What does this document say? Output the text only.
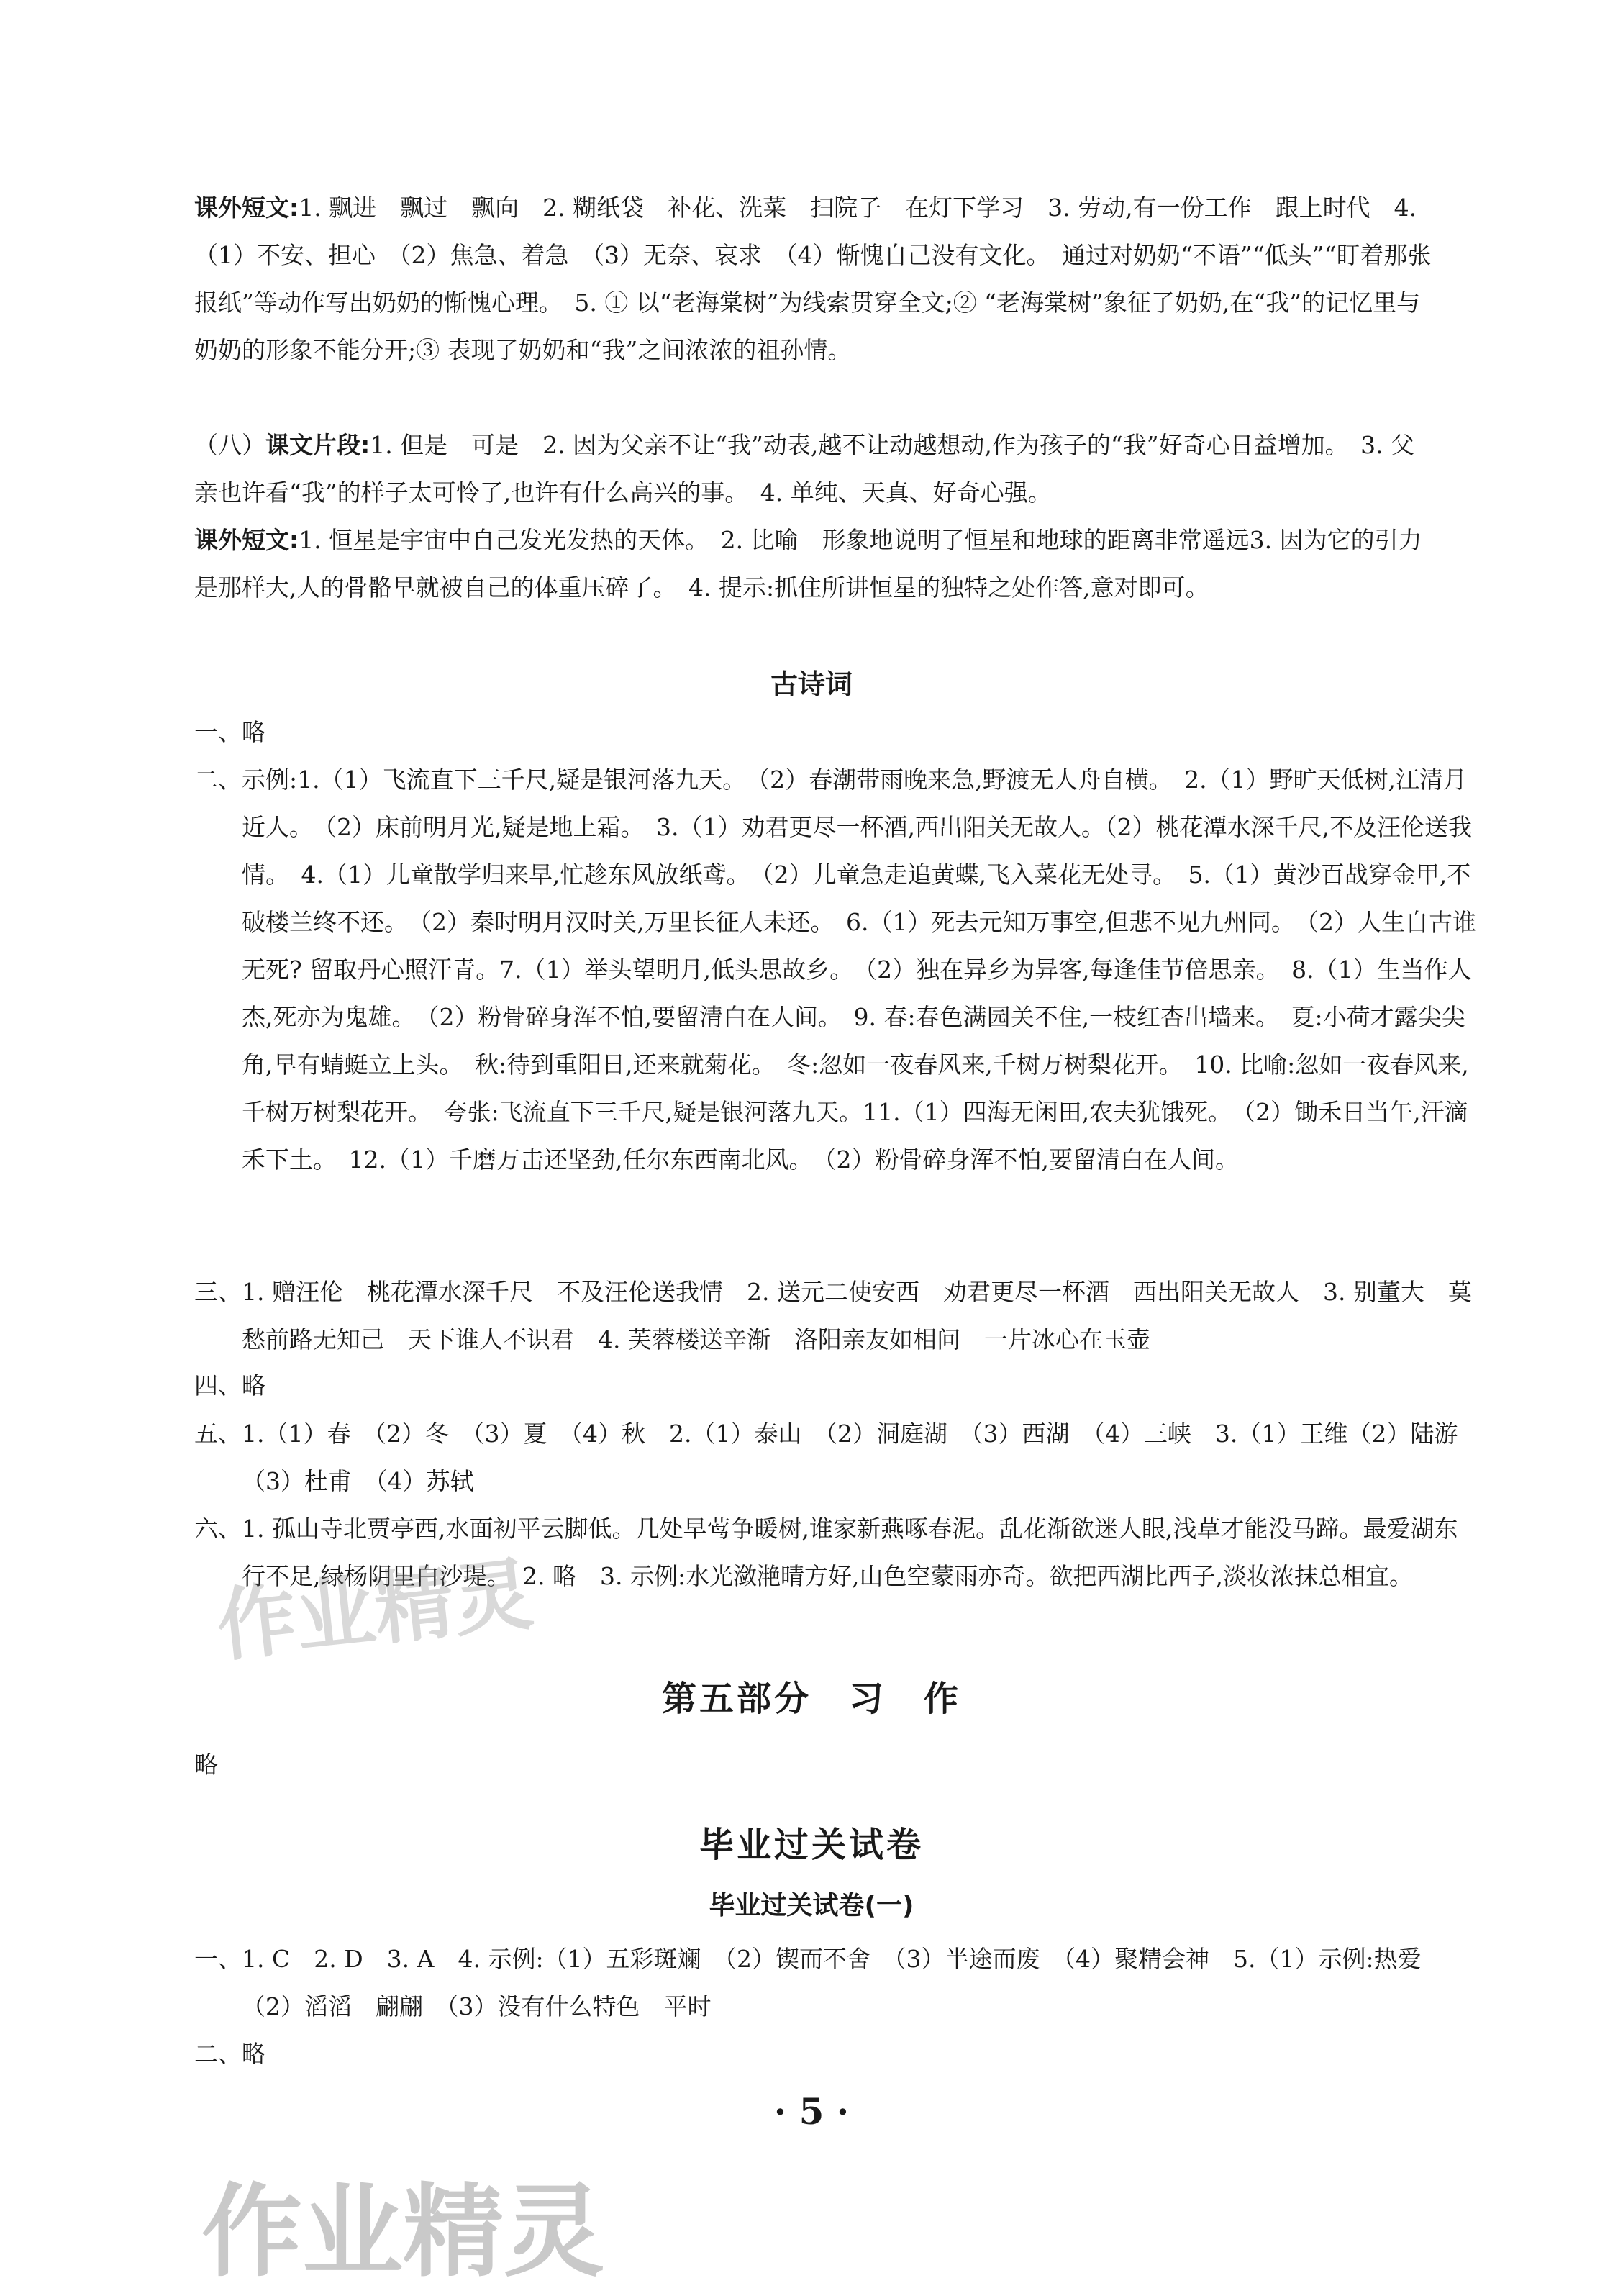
课外短文:1. 飘进　飘过　飘向　2. 糊纸袋　补花、洗菜　扫院子　在灯下学习　3. 劳动,有一份工作　跟上时代　4.（1）不安、担心　（2）焦急、着急　（3）无奈、哀求　（4）惭愧自己没有文化。　通过对奶奶“不语”“低头”“盯着那张报纸”等动作写出奶奶的惭愧心理。　5. ① 以“老海棠树”为线索贯穿全文;② “老海棠树”象征了奶奶,在“我”的记忆里与奶奶的形象不能分开;③ 表现了奶奶和“我”之间浓浓的祖孙情。
（八）课文片段:1. 但是　可是　2. 因为父亲不让“我”动表,越不让动越想动,作为孩子的“我”好奇心日益增加。　3. 父亲也许看“我”的样子太可怜了,也许有什么高兴的事。　4. 单纯、天真、好奇心强。
课外短文:1. 恒星是宇宙中自己发光发热的天体。　2. 比喻　形象地说明了恒星和地球的距离非常遥远3. 因为它的引力是那样大,人的骨骼早就被自己的体重压碎了。　4. 提示:抓住所讲恒星的独特之处作答,意对即可。
古诗词
一、略
二、示例:1.（1）飞流直下三千尺,疑是银河落九天。　（2）春潮带雨晚来急,野渡无人舟自横。　2.（1）野旷天低树,江清月近人。　（2）床前明月光,疑是地上霜。　3.（1）劝君更尽一杯酒,西出阳关无故人。（2）桃花潭水深千尺,不及汪伦送我情。　4.（1）儿童散学归来早,忙趁东风放纸鸢。　（2）儿童急走追黄蝶,飞入菜花无处寻。　5.（1）黄沙百战穿金甲,不破楼兰终不还。　（2）秦时明月汉时关,万里长征人未还。　6.（1）死去元知万事空,但悲不见九州同。　（2）人生自古谁无死? 留取丹心照汗青。7.（1）举头望明月,低头思故乡。　（2）独在异乡为异客,每逢佳节倍思亲。　8.（1）生当作人杰,死亦为鬼雄。　（2）粉骨碎身浑不怕,要留清白在人间。　9. 春:春色满园关不住,一枝红杏出墙来。　夏:小荷才露尖尖角,早有蜻蜓立上头。　秋:待到重阳日,还来就菊花。　冬:忽如一夜春风来,千树万树梨花开。　10. 比喻:忽如一夜春风来,千树万树梨花开。　夸张:飞流直下三千尺,疑是银河落九天。11.（1）四海无闲田,农夫犹饿死。　（2）锄禾日当午,汗滴禾下土。　12.（1）千磨万击还坚劲,任尔东西南北风。　（2）粉骨碎身浑不怕,要留清白在人间。
三、1. 赠汪伦　桃花潭水深千尺　不及汪伦送我情　2. 送元二使安西　劝君更尽一杯酒　西出阳关无故人　3. 别董大　莫愁前路无知己　天下谁人不识君　4. 芙蓉楼送辛渐　洛阳亲友如相问　一片冰心在玉壶
四、略
五、1.（1）春　（2）冬　（3）夏　（4）秋　2.（1）泰山　（2）洞庭湖　（3）西湖　（4）三峡　3.（1）王维（2）陆游　（3）杜甫　（4）苏轼
六、1. 孤山寺北贾亭西,水面初平云脚低。几处早莺争暖树,谁家新燕啄春泥。乱花渐欲迷人眼,浅草才能没马蹄。最爱湖东行不足,绿杨阴里白沙堤。　2. 略　3. 示例:水光潋滟晴方好,山色空蒙雨亦奇。欲把西湖比西子,淡妆浓抹总相宜。
第五部分　习　作
略
毕业过关试卷
毕业过关试卷(一)
一、1. C　2. D　3. A　4. 示例:（1）五彩斑斓　（2）锲而不舍　（3）半途而废　（4）聚精会神　5.（1）示例:热爱　（2）滔滔　翩翩　（3）没有什么特色　平时
二、略
· 5 ·
作业精灵
作业精灵
